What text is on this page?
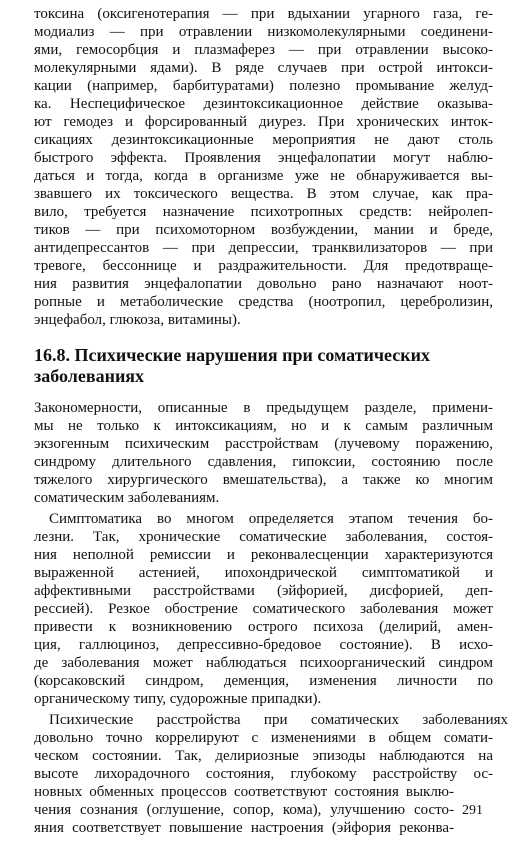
токсина (оксигенотерапия — при вдыхании угарного газа, ге-
модиализ — при отравлении низкомолекулярными соединени-
ями, гемосорбция и плазмаферез — при отравлении высоко-
молекулярными ядами). В ряде случаев при острой интокси-
кации (например, барбитуратами) полезно промывание желуд-
ка. Неспецифическое дезинтоксикационное действие оказыва-
ют гемодез и форсированный диурез. При хронических инток-
сикациях дезинтоксикационные мероприятия не дают столь
быстрого эффекта. Проявления энцефалопатии могут наблю-
даться и тогда, когда в организме уже не обнаруживается вы-
звавшего их токсического вещества. В этом случае, как пра-
вило, требуется назначение психотропных средств: нейролеп-
тиков — при психомоторном возбуждении, мании и бреде,
антидепрессантов — при депрессии, транквилизаторов — при
тревоге, бессоннице и раздражительности. Для предотвраще-
ния развития энцефалопатии довольно рано назначают ноот-
ропные и метаболические средства (ноотропил, церебролизин,
энцефабол, глюкоза, витамины).
16.8. Психические нарушения при соматических
заболеваниях
Закономерности, описанные в предыдущем разделе, примени-
мы не только к интоксикациям, но и к самым различным
экзогенным психическим расстройствам (лучевому поражению,
синдрому длительного сдавления, гипоксии, состоянию после
тяжелого хирургического вмешательства), а также ко многим
соматическим заболеваниям.
Симптоматика во многом определяется этапом течения бо-
лезни. Так, хронические соматические заболевания, состоя-
ния неполной ремиссии и реконвалесценции характеризуются
выраженной астенией, ипохондрической симптоматикой и
аффективными расстройствами (эйфорией, дисфорией, деп-
рессией). Резкое обострение соматического заболевания может
привести к возникновению острого психоза (делирий, амен-
ция, галлюциноз, депрессивно-бредовое состояние). В исхо-
де заболевания может наблюдаться психоорганический синдром
(корсаковский синдром, деменция, изменения личности по
органическому типу, судорожные припадки).
Психические расстройства при соматических заболеваниях
довольно точно коррелируют с изменениями в общем сомати-
ческом состоянии. Так, делириозные эпизоды наблюдаются на
высоте лихорадочного состояния, глубокому расстройству ос-
новных обменных процессов соответствуют состояния выклю-
чения сознания (оглушение, сопор, кома), улучшению состо-
яния соответствует повышение настроения (эйфория реконва-
291
